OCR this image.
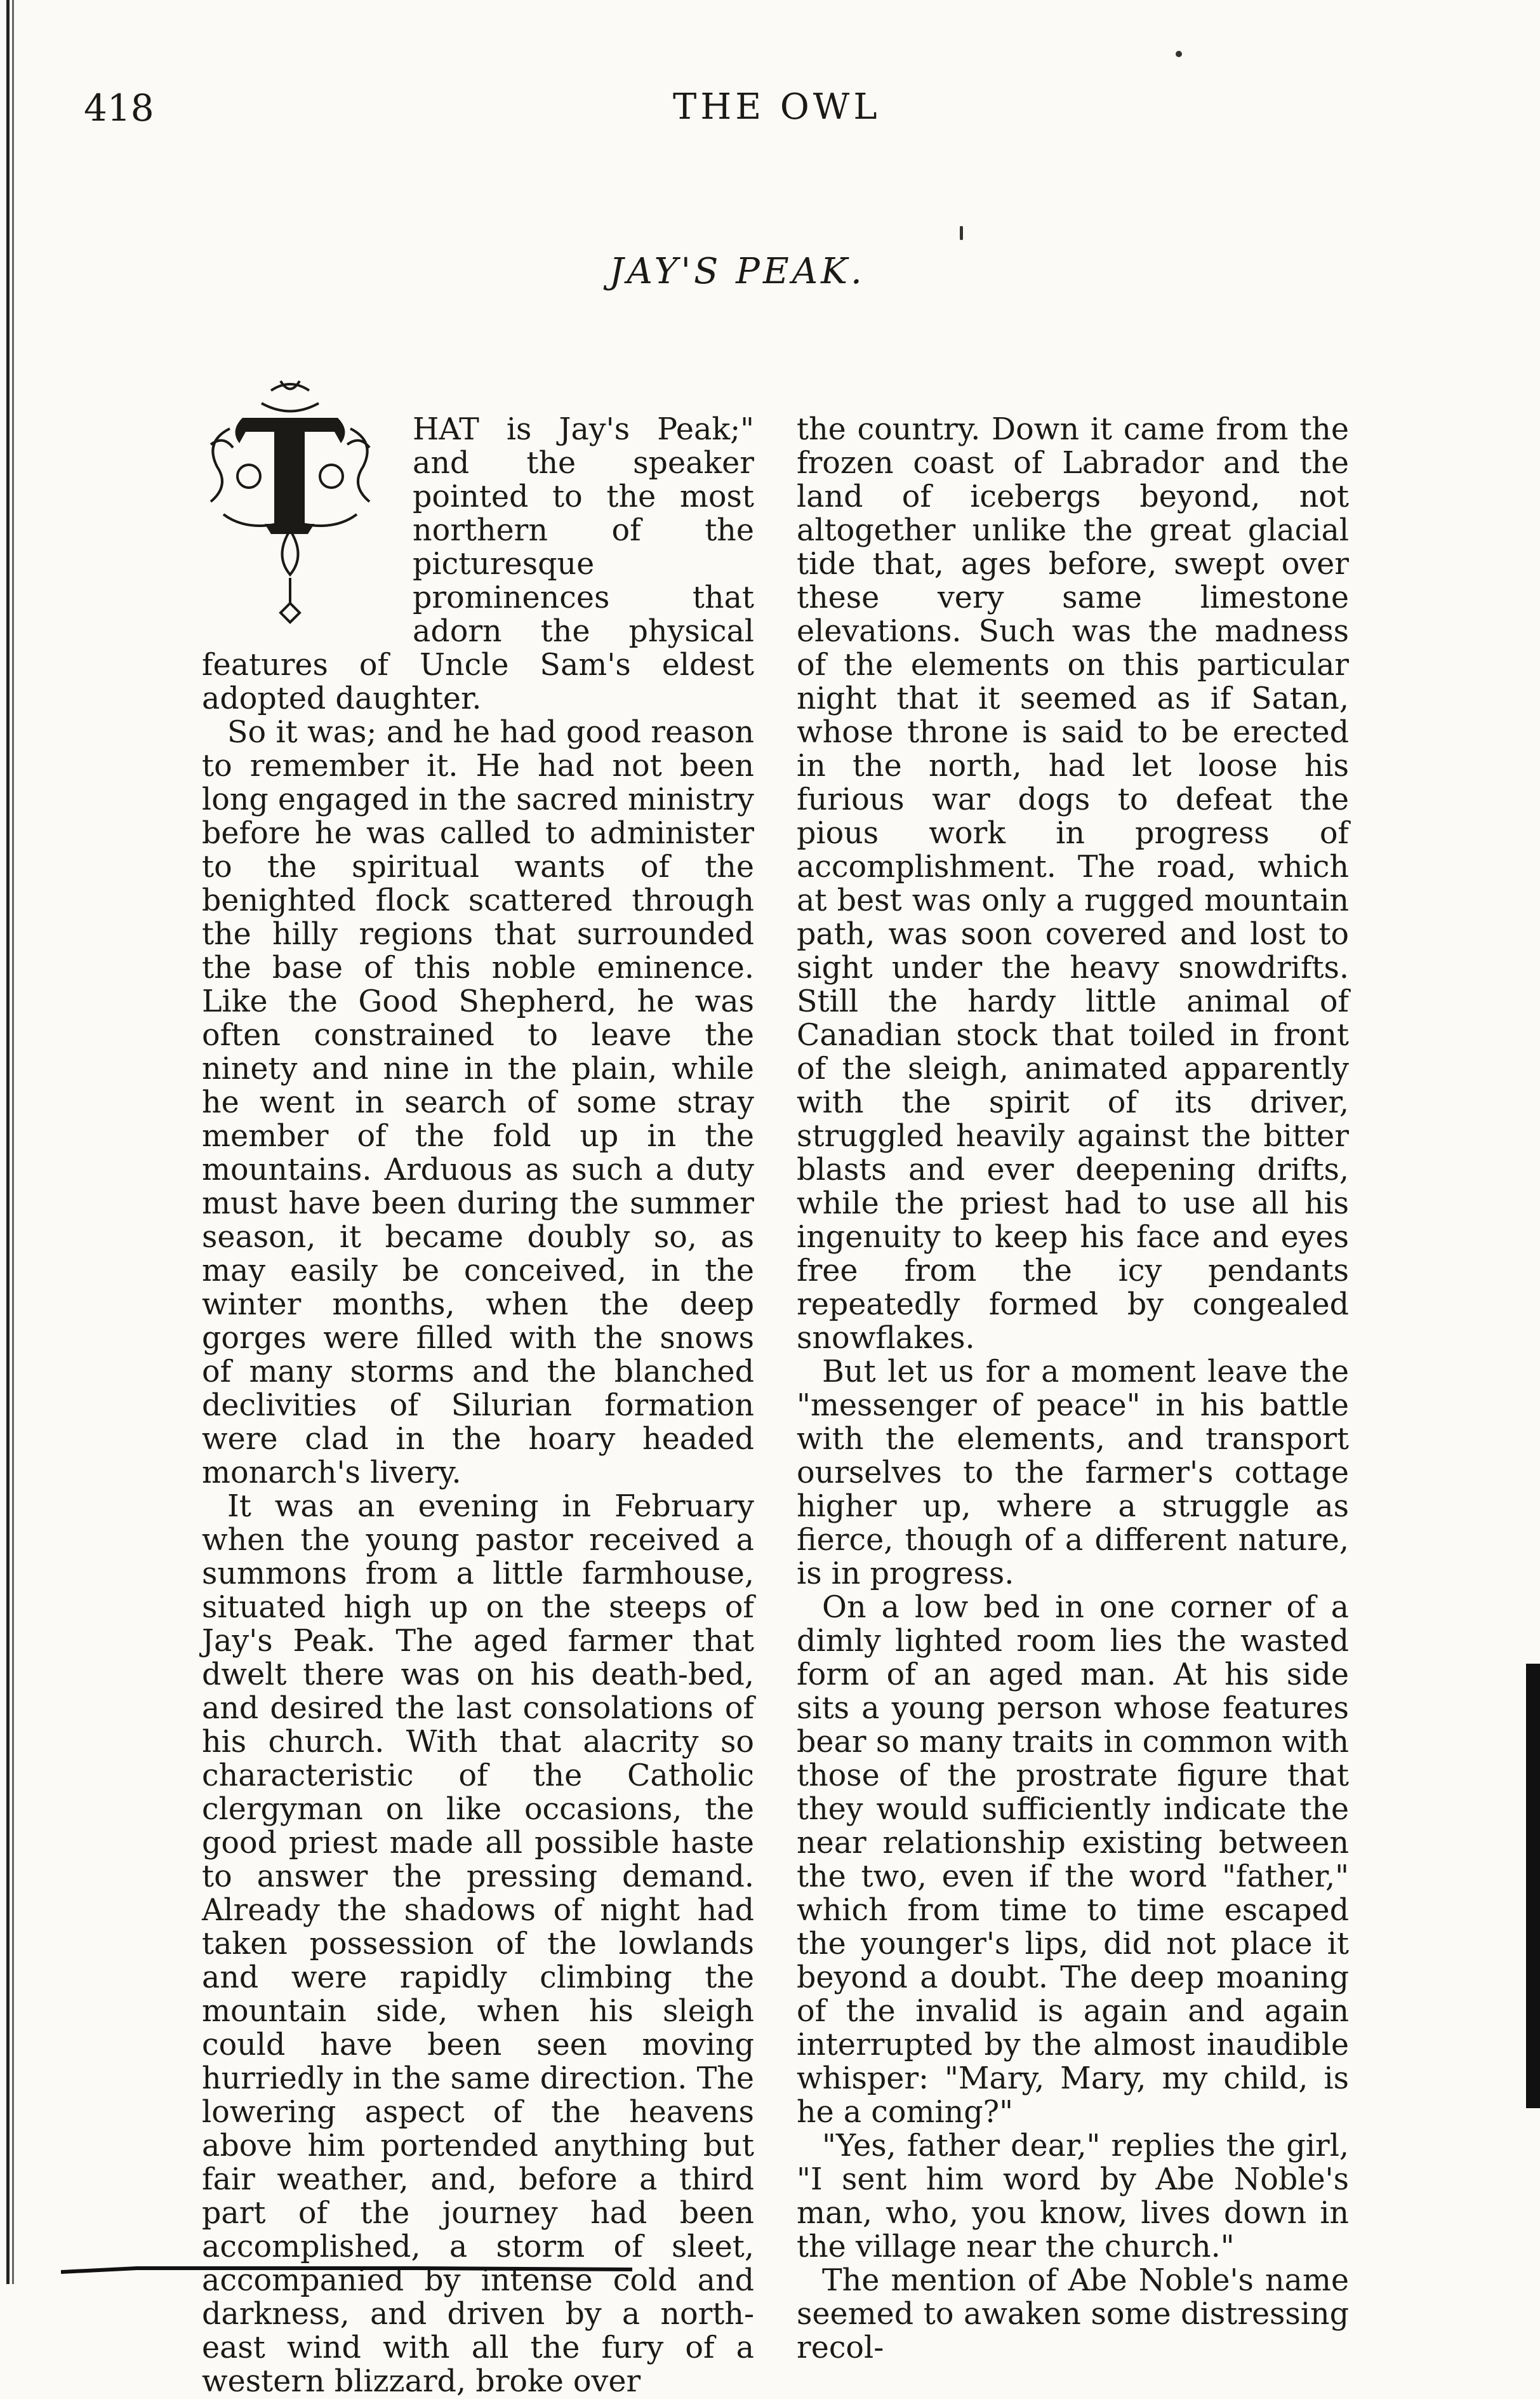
418	THE OWL
JAY'S PEAK.

HAT is Jay's Peak;" and the speaker pointed to the most northern of the picturesque prominences that adorn the physical features of Uncle Sam's eldest adopted daughter.

So it was; and he had good reason to remember it. He had not been long engaged in the sacred ministry before he was called to administer to the spiritual wants of the benighted flock scattered through the hilly regions that surrounded the base of this noble eminence. Like the Good Shepherd, he was often constrained to leave the ninety and nine in the plain, while he went in search of some stray member of the fold up in the mountains. Arduous as such a duty must have been during the summer season, it became doubly so, as may easily be conceived, in the winter months, when the deep gorges were filled with the snows of many storms and the blanched declivities of Silurian formation were clad in the hoary headed monarch's livery.

It was an evening in February when the young pastor received a summons from a little farmhouse, situated high up on the steeps of Jay's Peak. The aged farmer that dwelt there was on his death-bed, and desired the last consolations of his church. With that alacrity so characteristic of the Catholic clergyman on like occasions, the good priest made all possible haste to answer the pressing demand. Already the shadows of night had taken possession of the lowlands and were rapidly climbing the mountain side, when his sleigh could have been seen moving hurriedly in the same direction. The lowering aspect of the heavens above him portended anything but fair weather, and, before a third part of the journey had been accomplished, a storm of sleet, accompanied by intense cold and darkness, and driven by a north-east wind with all the fury of a western blizzard, broke over

the country. Down it came from the frozen coast of Labrador and the land of icebergs beyond, not altogether unlike the great glacial tide that, ages before, swept over these very same limestone elevations. Such was the madness of the elements on this particular night that it seemed as if Satan, whose throne is said to be erected in the north, had let loose his furious war dogs to defeat the pious work in progress of accomplishment. The road, which at best was only a rugged mountain path, was soon covered and lost to sight under the heavy snowdrifts. Still the hardy little animal of Canadian stock that toiled in front of the sleigh, animated apparently with the spirit of its driver, struggled heavily against the bitter blasts and ever deepening drifts, while the priest had to use all his ingenuity to keep his face and eyes free from the icy pendants repeatedly formed by congealed snowflakes.

But let us for a moment leave the "messenger of peace" in his battle with the elements, and transport ourselves to the farmer's cottage higher up, where a struggle as fierce, though of a different nature, is in progress.

On a low bed in one corner of a dimly lighted room lies the wasted form of an aged man. At his side sits a young person whose features bear so many traits in common with those of the prostrate figure that they would sufficiently indicate the near relationship existing between the two, even if the word "father," which from time to time escaped the younger's lips, did not place it beyond a doubt. The deep moaning of the invalid is again and again interrupted by the almost inaudible whisper: "Mary, Mary, my child, is he a coming?"

"Yes, father dear," replies the girl, "I sent him word by Abe Noble's man, who, you know, lives down in the village near the church."

The mention of Abe Noble's name seemed to awaken some distressing recol-
